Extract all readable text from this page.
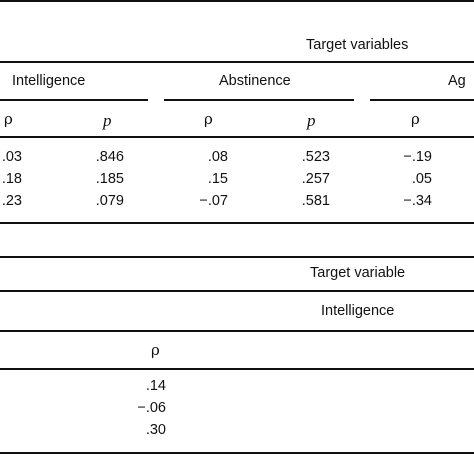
Target variables
Intelligence	Abstinence	Ag
ρ	p	ρ	p	ρ
.03	.846	.08	.523	−.19
.18	.185	.15	.257	.05
.23	.079	−.07	.581	−.34
Target variable
Intelligence
ρ
.14
−.06
.30
